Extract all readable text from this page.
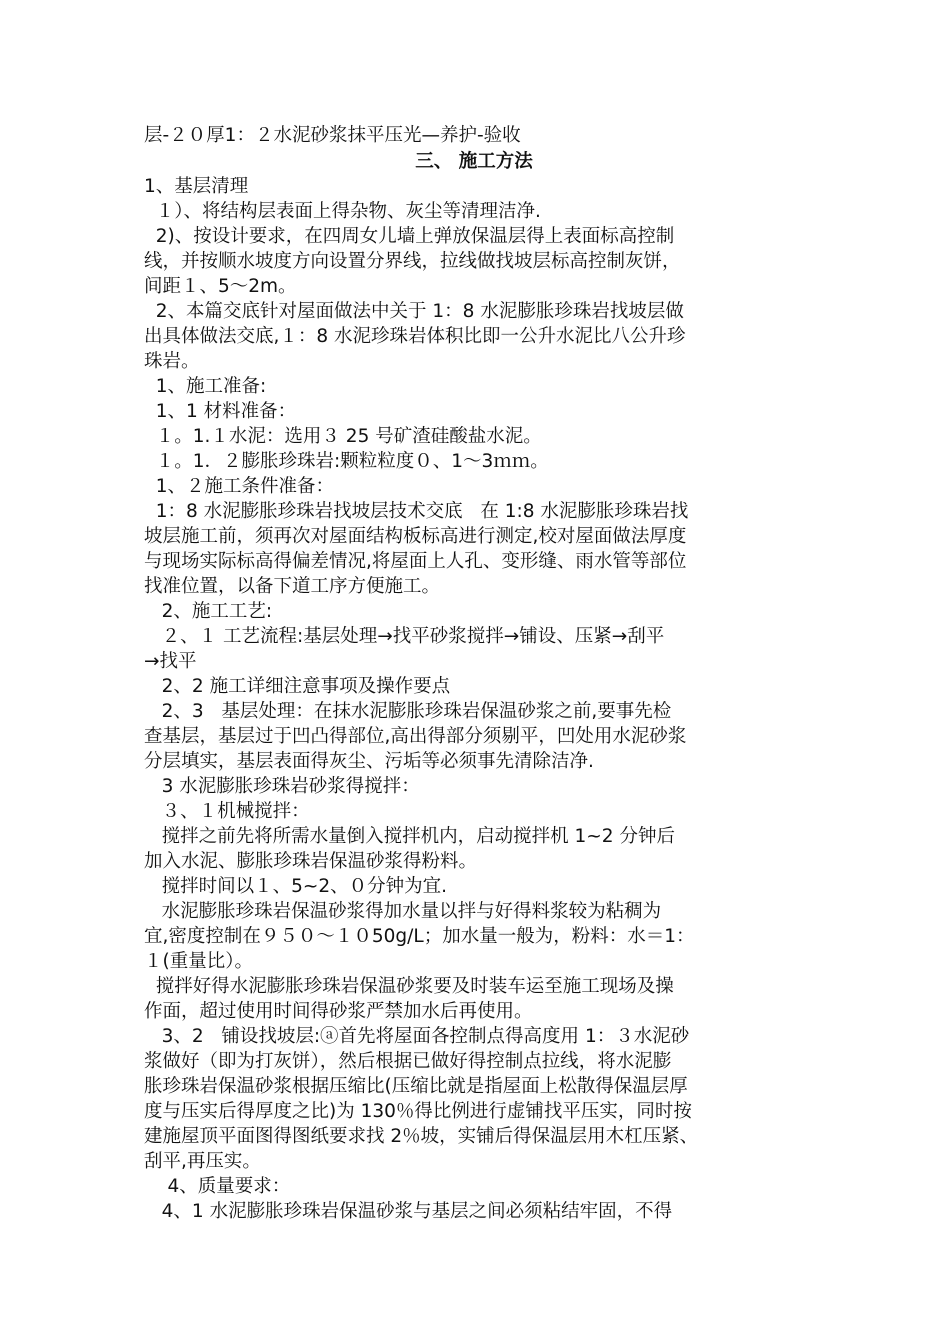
层-２０厚1：２水泥砂浆抹平压光—养护-验收
三、 施工方法
1、基层清理
１）、将结构层表面上得杂物、灰尘等清理洁净.
2)、按设计要求，在四周女儿墙上弹放保温层得上表面标高控制
线，并按顺水坡度方向设置分界线，拉线做找坡层标高控制灰饼，
间距１、5～2m。
2、本篇交底针对屋面做法中关于 1：8 水泥膨胀珍珠岩找坡层做
出具体做法交底,１：8 水泥珍珠岩体积比即一公升水泥比八公升珍
珠岩。
1、施工准备:
1、1 材料准备：
１。1.１水泥：选用３ 25 号矿渣硅酸盐水泥。
１。1．２膨胀珍珠岩:颗粒粒度０、1～3ｍｍ。
1、２施工条件准备：
1：8 水泥膨胀珍珠岩找坡层技术交底   在 1:8 水泥膨胀珍珠岩找
坡层施工前，须再次对屋面结构板标高进行测定,校对屋面做法厚度
与现场实际标高得偏差情况,将屋面上人孔、变形缝、雨水管等部位
找准位置，以备下道工序方便施工。
2、施工工艺:
２、１ 工艺流程:基层处理→找平砂浆搅拌→铺设、压紧→刮平
→找平
2、2 施工详细注意事项及操作要点
2、3   基层处理：在抹水泥膨胀珍珠岩保温砂浆之前,要事先检
查基层，基层过于凹凸得部位,高出得部分须剔平，凹处用水泥砂浆
分层填实，基层表面得灰尘、污垢等必须事先清除洁净.
3 水泥膨胀珍珠岩砂浆得搅拌：
３、１机械搅拌：
搅拌之前先将所需水量倒入搅拌机内，启动搅拌机 1~2 分钟后
加入水泥、膨胀珍珠岩保温砂浆得粉料。
搅拌时间以１、5~2、０分钟为宜.
水泥膨胀珍珠岩保温砂浆得加水量以拌与好得料浆较为粘稠为
宜,密度控制在９５０～１０50g/L；加水量一般为，粉料：水＝1：
１(重量比）。
搅拌好得水泥膨胀珍珠岩保温砂浆要及时装车运至施工现场及操
作面，超过使用时间得砂浆严禁加水后再使用。
3、2   铺设找坡层:ⓐ首先将屋面各控制点得高度用 1：３水泥砂
浆做好（即为打灰饼），然后根据已做好得控制点拉线，将水泥膨
胀珍珠岩保温砂浆根据压缩比(压缩比就是指屋面上松散得保温层厚
度与压实后得厚度之比)为 130％得比例进行虚铺找平压实，同时按
建施屋顶平面图得图纸要求找 2％坡，实铺后得保温层用木杠压紧、
刮平,再压实。
4、质量要求：
4、1 水泥膨胀珍珠岩保温砂浆与基层之间必须粘结牢固，不得
